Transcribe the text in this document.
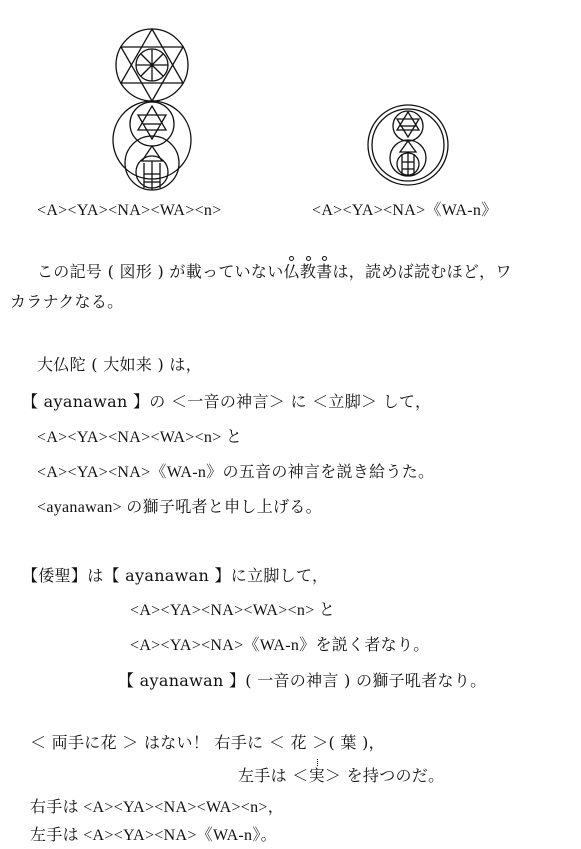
<A><YA><NA><WA><n>	<A><YA><NA>《WA-n》
この記号 ( 図形 ) が載っていない仏教書は，読めば読むほど，ワ
カラナクなる。
大仏陀 ( 大如来 ) は，
【 ayanawan 】の ＜一音の神言＞ に ＜立脚＞ して，
<A><YA><NA><WA><n> と
<A><YA><NA>《WA-n》の五音の神言を説き給うた。
<ayanawan> の獅子吼者と申し上げる。
【倭聖】は【 ayanawan 】に立脚して，
<A><YA><NA><WA><n> と
<A><YA><NA>《WA-n》を説く者なり。
【 ayanawan 】( 一音の神言 ) の獅子吼者なり。
＜ 両手に花 ＞ はない！ 右手に ＜ 花 ＞( 葉 )，
左手は ＜実＞ を持つのだ。
右手は <A><YA><NA><WA><n>，
左手は <A><YA><NA>《WA-n》。
